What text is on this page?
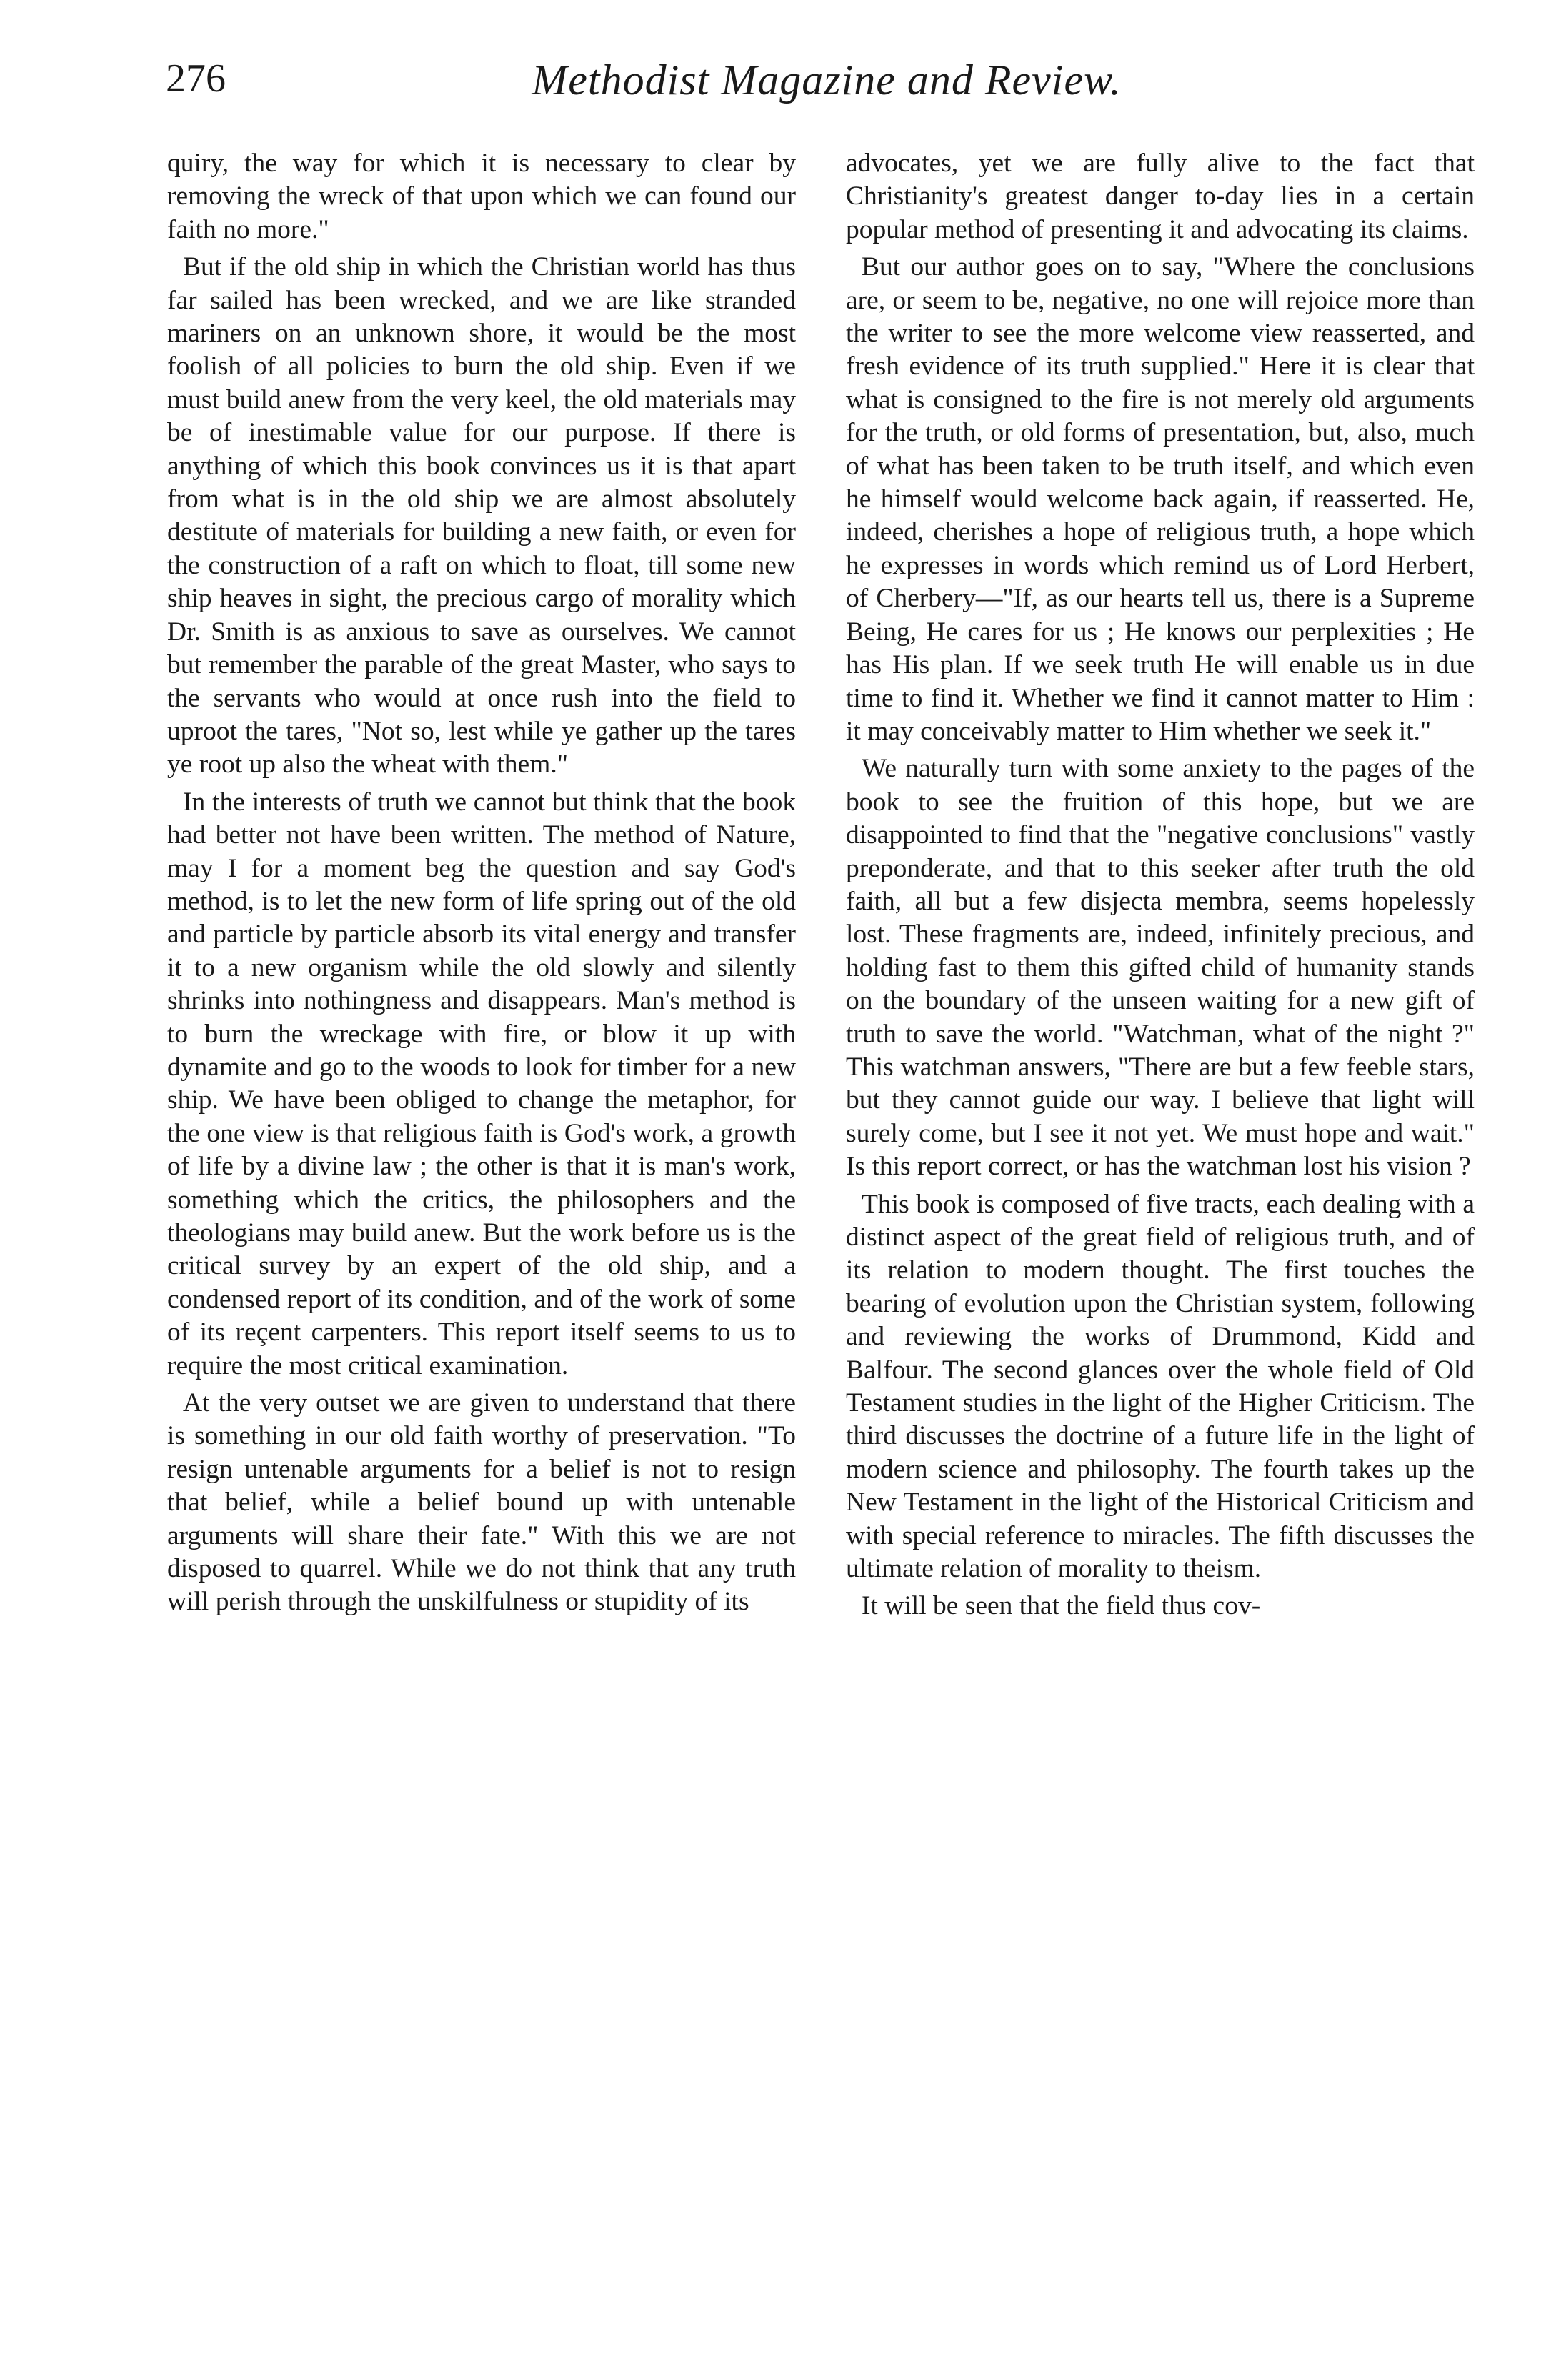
276	Methodist Magazine and Review.

quiry, the way for which it is necessary to clear by removing the wreck of that upon which we can found our faith no more."

But if the old ship in which the Christian world has thus far sailed has been wrecked, and we are like stranded mariners on an unknown shore, it would be the most foolish of all policies to burn the old ship. Even if we must build anew from the very keel, the old materials may be of inestimable value for our purpose. If there is anything of which this book convinces us it is that apart from what is in the old ship we are almost absolutely destitute of materials for building a new faith, or even for the construction of a raft on which to float, till some new ship heaves in sight, the precious cargo of morality which Dr. Smith is as anxious to save as ourselves. We cannot but remember the parable of the great Master, who says to the servants who would at once rush into the field to uproot the tares, "Not so, lest while ye gather up the tares ye root up also the wheat with them."

In the interests of truth we cannot but think that the book had better not have been written. The method of Nature, may I for a moment beg the question and say God's method, is to let the new form of life spring out of the old and particle by particle absorb its vital energy and transfer it to a new organism while the old slowly and silently shrinks into nothingness and disappears. Man's method is to burn the wreckage with fire, or blow it up with dynamite and go to the woods to look for timber for a new ship. We have been obliged to change the metaphor, for the one view is that religious faith is God's work, a growth of life by a divine law ; the other is that it is man's work, something which the critics, the philosophers and the theologians may build anew. But the work before us is the critical survey by an expert of the old ship, and a condensed report of its condition, and of the work of some of its reçent carpenters. This report itself seems to us to require the most critical examination.

At the very outset we are given to understand that there is something in our old faith worthy of preservation. "To resign untenable arguments for a belief is not to resign that belief, while a belief bound up with untenable arguments will share their fate." With this we are not disposed to quarrel. While we do not think that any truth will perish through the unskilfulness or stupidity of its

advocates, yet we are fully alive to the fact that Christianity's greatest danger to-day lies in a certain popular method of presenting it and advocating its claims.

But our author goes on to say, "Where the conclusions are, or seem to be, negative, no one will rejoice more than the writer to see the more welcome view reasserted, and fresh evidence of its truth supplied." Here it is clear that what is consigned to the fire is not merely old arguments for the truth, or old forms of presentation, but, also, much of what has been taken to be truth itself, and which even he himself would welcome back again, if reasserted. He, indeed, cherishes a hope of religious truth, a hope which he expresses in words which remind us of Lord Herbert, of Cherbery—"If, as our hearts tell us, there is a Supreme Being, He cares for us ; He knows our perplexities ; He has His plan. If we seek truth He will enable us in due time to find it. Whether we find it cannot matter to Him : it may conceivably matter to Him whether we seek it."

We naturally turn with some anxiety to the pages of the book to see the fruition of this hope, but we are disappointed to find that the "negative conclusions" vastly preponderate, and that to this seeker after truth the old faith, all but a few disjecta membra, seems hopelessly lost. These fragments are, indeed, infinitely precious, and holding fast to them this gifted child of humanity stands on the boundary of the unseen waiting for a new gift of truth to save the world. "Watchman, what of the night ?" This watchman answers, "There are but a few feeble stars, but they cannot guide our way. I believe that light will surely come, but I see it not yet. We must hope and wait." Is this report correct, or has the watchman lost his vision ?

This book is composed of five tracts, each dealing with a distinct aspect of the great field of religious truth, and of its relation to modern thought. The first touches the bearing of evolution upon the Christian system, following and reviewing the works of Drummond, Kidd and Balfour. The second glances over the whole field of Old Testament studies in the light of the Higher Criticism. The third discusses the doctrine of a future life in the light of modern science and philosophy. The fourth takes up the New Testament in the light of the Historical Criticism and with special reference to miracles. The fifth discusses the ultimate relation of morality to theism.

It will be seen that the field thus cov-
